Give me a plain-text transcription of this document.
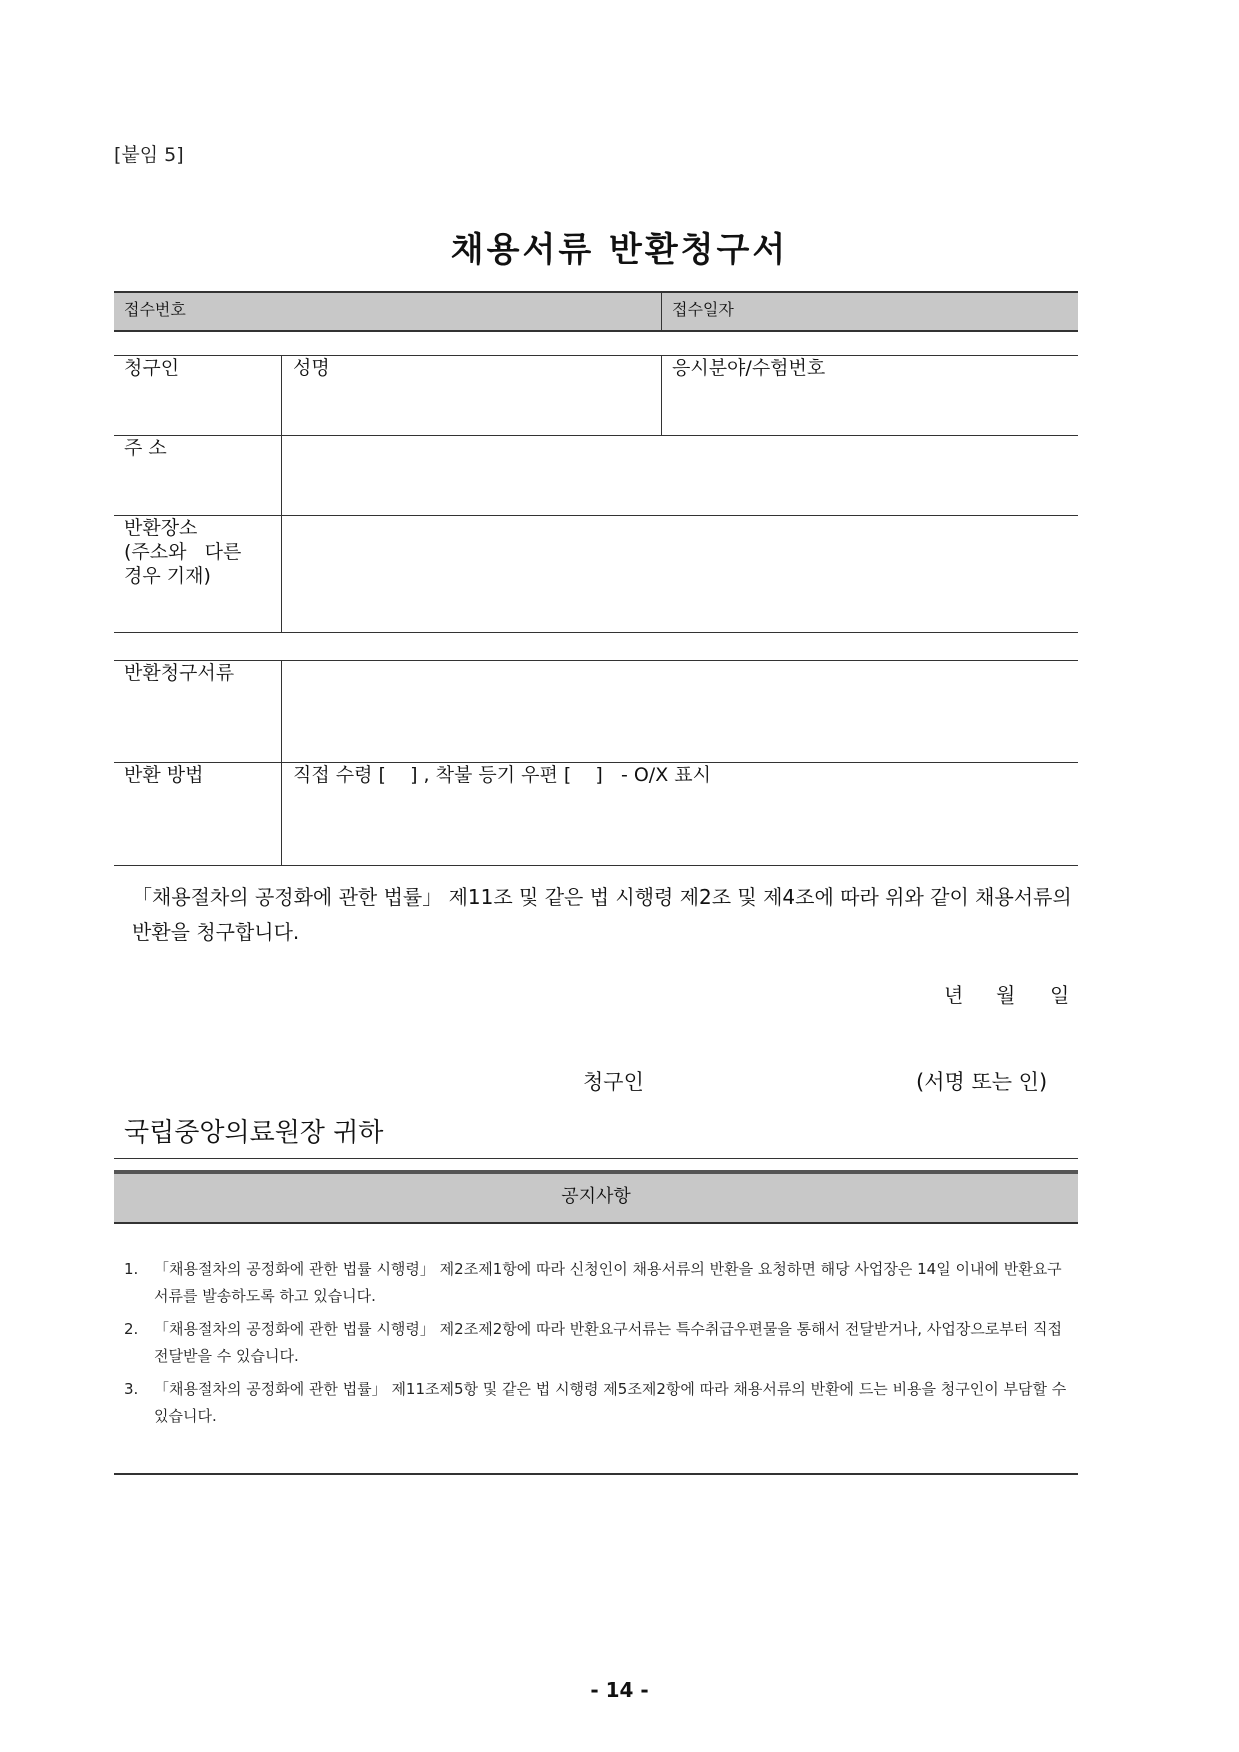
[붙임 5]
채용서류 반환청구서
접수번호	접수일자
청구인	성명	응시분야/수험번호
주 소
반환장소
(주소와   다른
경우 기재)
반환청구서류
반환 방법	직접 수령 [    ] , 착불 등기 우편 [    ]   - O/X 표시
「채용절차의 공정화에 관한 법률」 제11조 및 같은 법 시행령 제2조 및 제4조에 따라 위와 같이 채용서류의 반환을 청구합니다.
년 월 일
청구인	(서명 또는 인)
국립중앙의료원장 귀하
공지사항
1. 「채용절차의 공정화에 관한 법률 시행령」 제2조제1항에 따라 신청인이 채용서류의 반환을 요청하면 해당 사업장은 14일 이내에 반환요구서류를 발송하도록 하고 있습니다.
2. 「채용절차의 공정화에 관한 법률 시행령」 제2조제2항에 따라 반환요구서류는 특수취급우편물을 통해서 전달받거나, 사업장으로부터 직접 전달받을 수 있습니다.
3. 「채용절차의 공정화에 관한 법률」 제11조제5항 및 같은 법 시행령 제5조제2항에 따라 채용서류의 반환에 드는 비용을 청구인이 부담할 수 있습니다.
- 14 -
